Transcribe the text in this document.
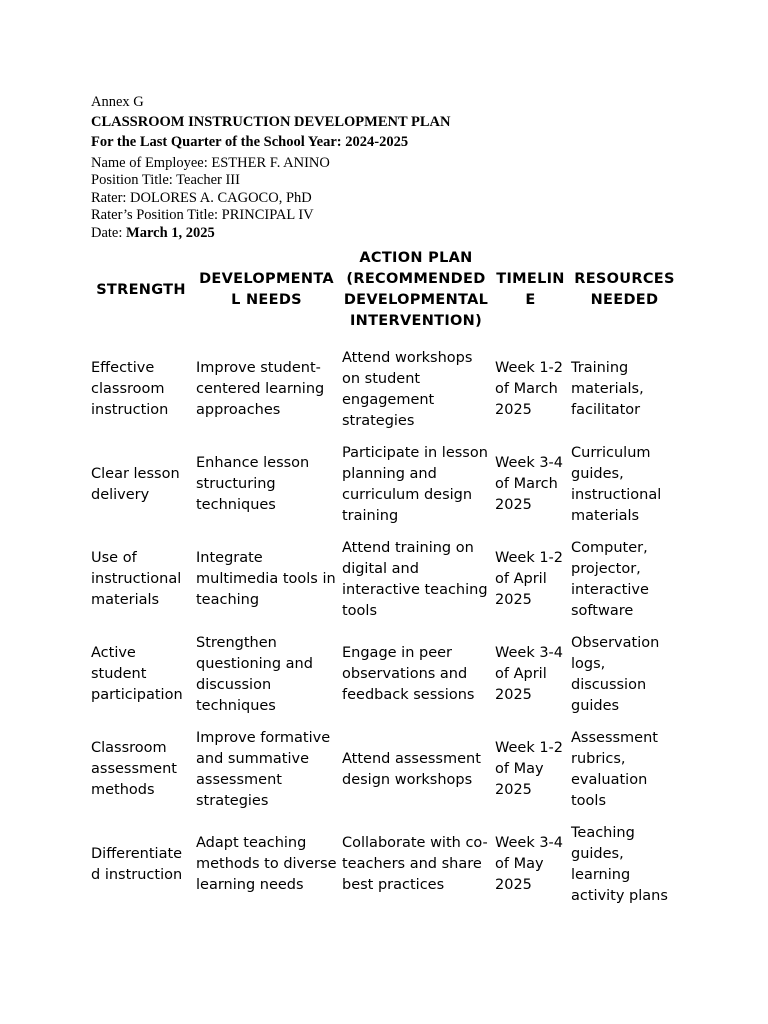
Annex G
CLASSROOM INSTRUCTION DEVELOPMENT PLAN
For the Last Quarter of the School Year: 2024-2025
Name of Employee: ESTHER F. ANINO
Position Title: Teacher III
Rater: DOLORES A. CAGOCO, PhD
Rater’s Position Title: PRINCIPAL IV
Date: March 1, 2025
STRENGTH	DEVELOPMENTAL NEEDS	ACTION PLAN (RECOMMENDED DEVELOPMENTAL INTERVENTION)	TIMELINE	RESOURCES NEEDED
Effective classroom instruction	Improve student-centered learning approaches	Attend workshops on student engagement strategies	Week 1-2 of March 2025	Training materials, facilitator
Clear lesson delivery	Enhance lesson structuring techniques	Participate in lesson planning and curriculum design training	Week 3-4 of March 2025	Curriculum guides, instructional materials
Use of instructional materials	Integrate multimedia tools in teaching	Attend training on digital and interactive teaching tools	Week 1-2 of April 2025	Computer, projector, interactive software
Active student participation	Strengthen questioning and discussion techniques	Engage in peer observations and feedback sessions	Week 3-4 of April 2025	Observation logs, discussion guides
Classroom assessment methods	Improve formative and summative assessment strategies	Attend assessment design workshops	Week 1-2 of May 2025	Assessment rubrics, evaluation tools
Differentiated instruction	Adapt teaching methods to diverse learning needs	Collaborate with co-teachers and share best practices	Week 3-4 of May 2025	Teaching guides, learning activity plans
